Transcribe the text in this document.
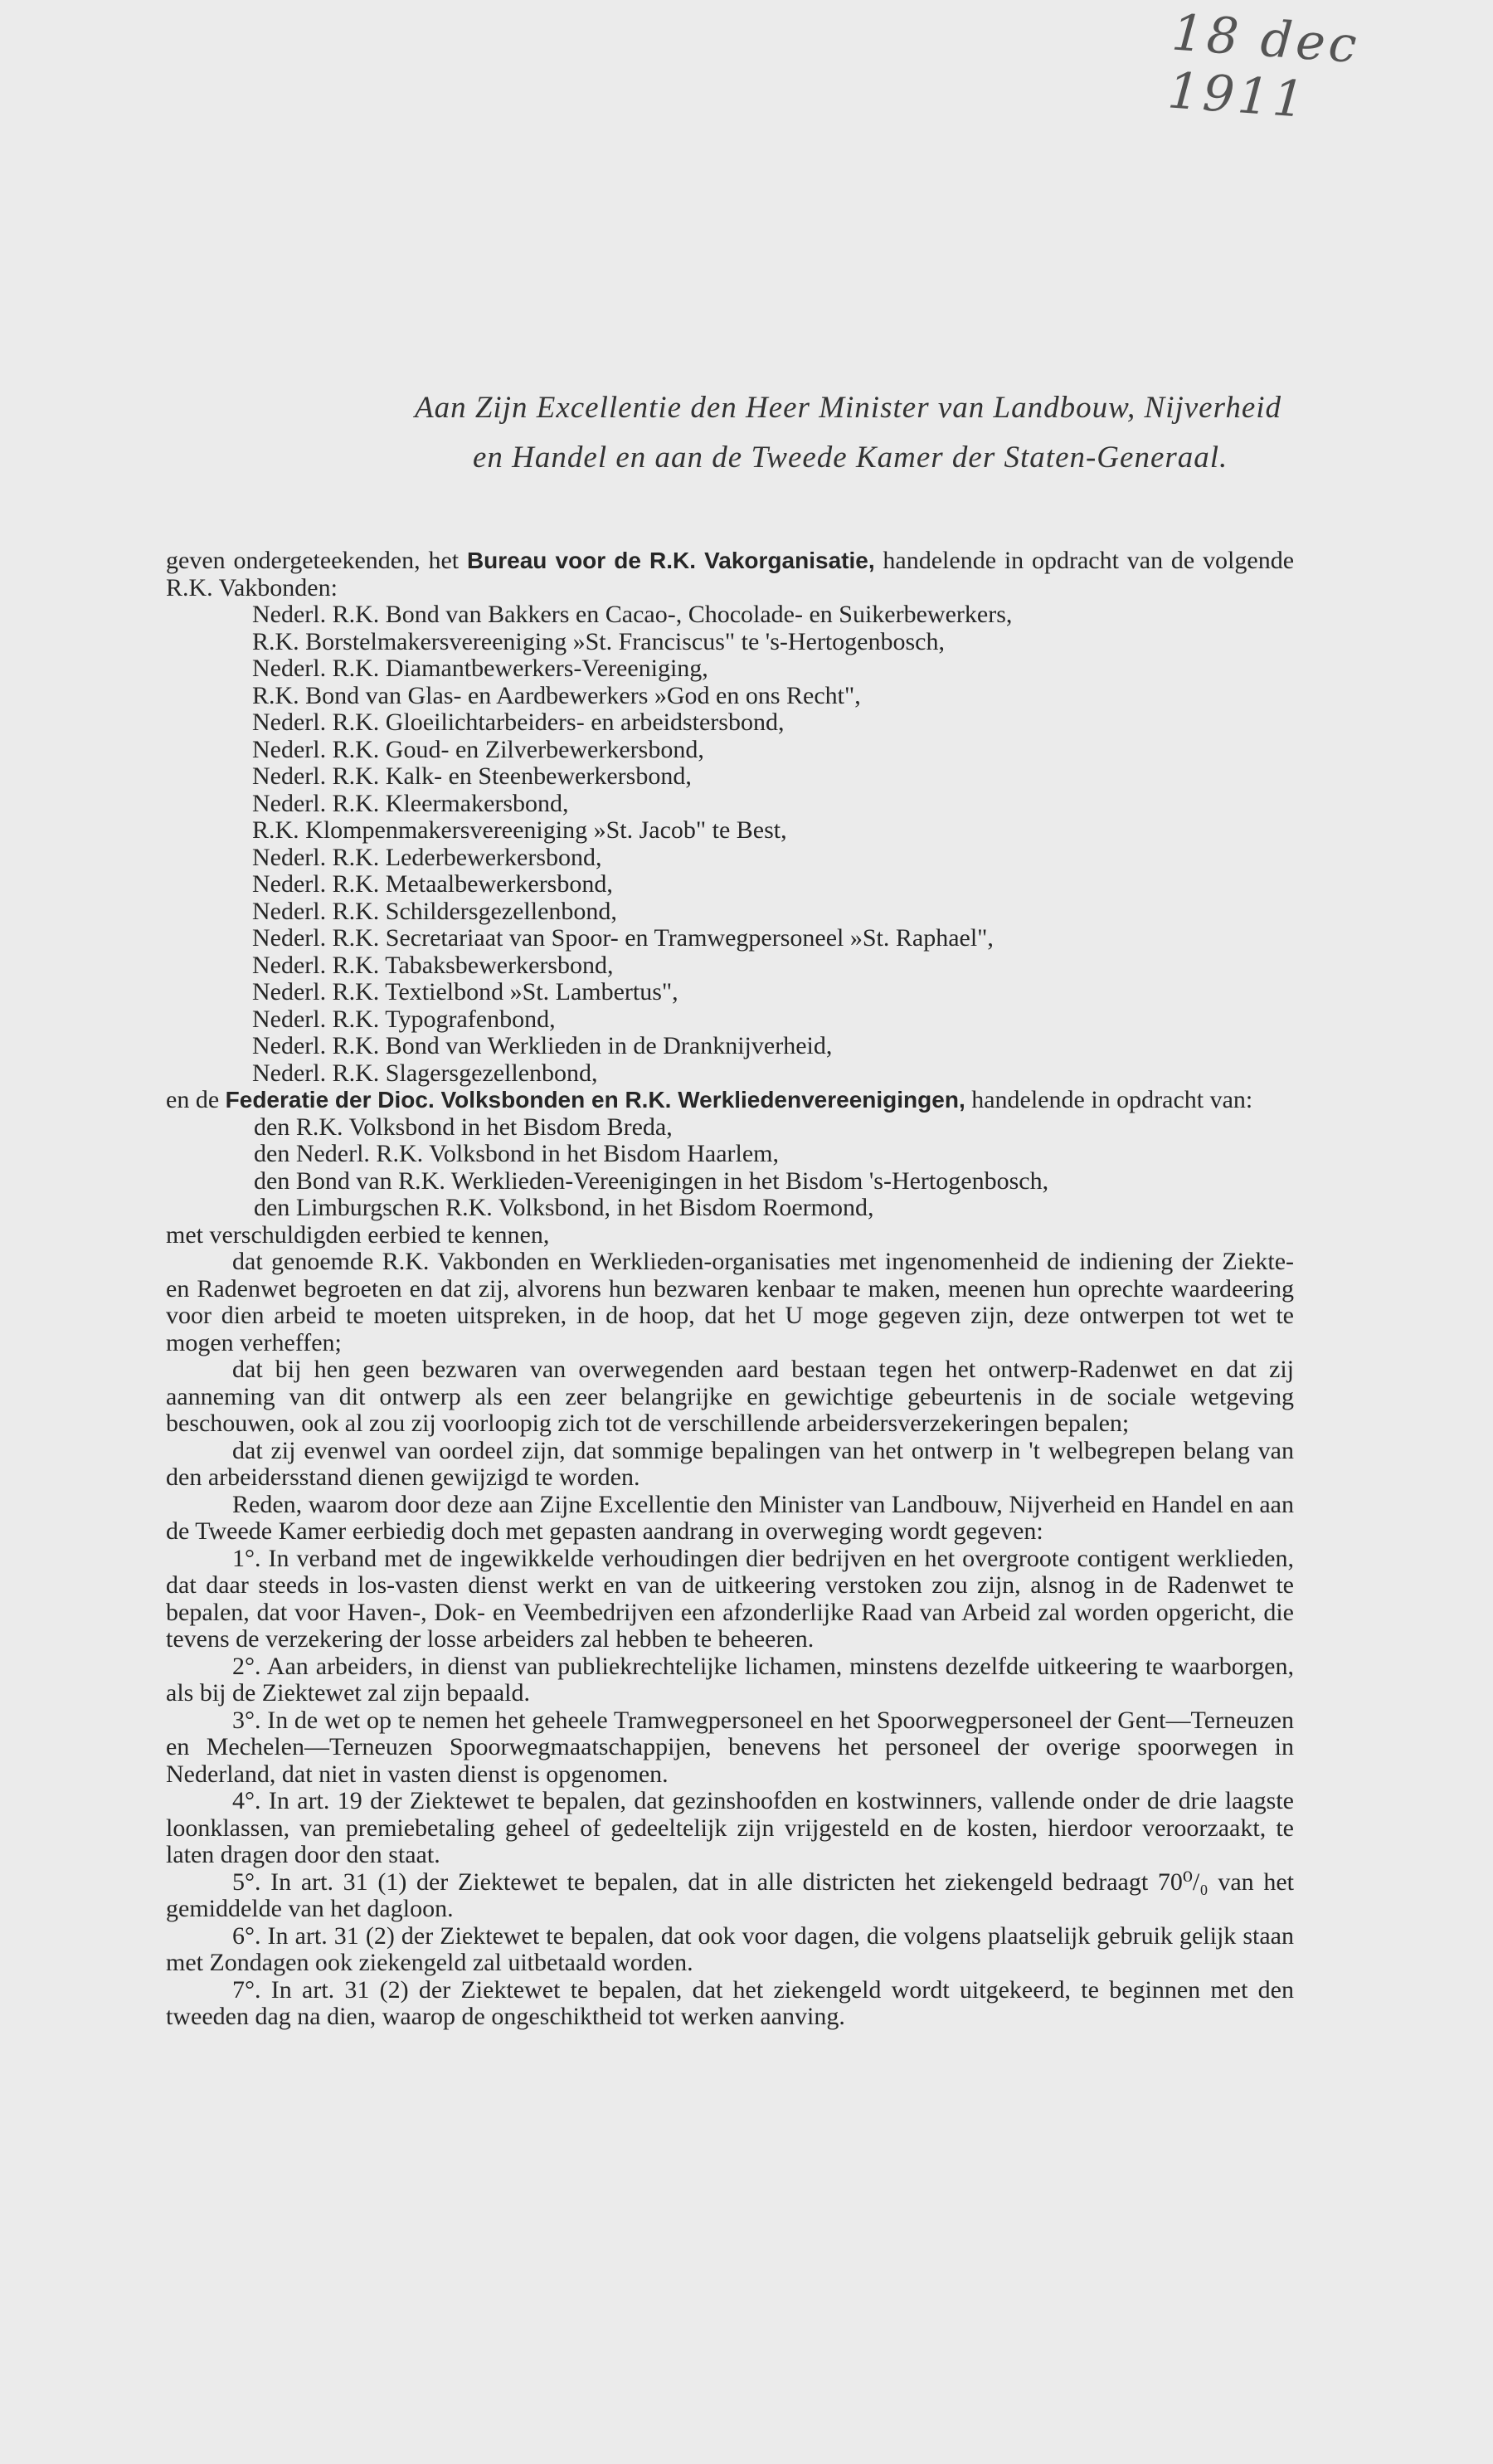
18 dec 1911
Aan Zijn Excellentie den Heer Minister van Landbouw, Nijverheid
en Handel en aan de Tweede Kamer der Staten-Generaal.

geven ondergeteekenden, het Bureau voor de R.K. Vakorganisatie, handelende in opdracht van de volgende R.K. Vakbonden:

Nederl. R.K. Bond van Bakkers en Cacao-, Chocolade- en Suikerbewerkers,
R.K. Borstelmakersvereeniging »St. Franciscus" te 's-Hertogenbosch,
Nederl. R.K. Diamantbewerkers-Vereeniging,
R.K. Bond van Glas- en Aardbewerkers »God en ons Recht",
Nederl. R.K. Gloeilichtarbeiders- en arbeidstersbond,
Nederl. R.K. Goud- en Zilverbewerkersbond,
Nederl. R.K. Kalk- en Steenbewerkersbond,
Nederl. R.K. Kleermakersbond,
R.K. Klompenmakersvereeniging »St. Jacob" te Best,
Nederl. R.K. Lederbewerkersbond,
Nederl. R.K. Metaalbewerkersbond,
Nederl. R.K. Schildersgezellenbond,
Nederl. R.K. Secretariaat van Spoor- en Tramwegpersoneel »St. Raphael",
Nederl. R.K. Tabaksbewerkersbond,
Nederl. R.K. Textielbond »St. Lambertus",
Nederl. R.K. Typografenbond,
Nederl. R.K. Bond van Werklieden in de Dranknijverheid,
Nederl. R.K. Slagersgezellenbond,

en de Federatie der Dioc. Volksbonden en R.K. Werkliedenvereenigingen, handelende in opdracht van:

den R.K. Volksbond in het Bisdom Breda,
den Nederl. R.K. Volksbond in het Bisdom Haarlem,
den Bond van R.K. Werklieden-Vereenigingen in het Bisdom 's-Hertogenbosch,
den Limburgschen R.K. Volksbond, in het Bisdom Roermond,

met verschuldigden eerbied te kennen,

dat genoemde R.K. Vakbonden en Werklieden-organisaties met ingenomenheid de indiening der Ziekte- en Radenwet begroeten en dat zij, alvorens hun bezwaren kenbaar te maken, meenen hun oprechte waardeering voor dien arbeid te moeten uitspreken, in de hoop, dat het U moge gegeven zijn, deze ontwerpen tot wet te mogen verheffen;

dat bij hen geen bezwaren van overwegenden aard bestaan tegen het ontwerp-Radenwet en dat zij aanneming van dit ontwerp als een zeer belangrijke en gewichtige gebeurtenis in de sociale wetgeving beschouwen, ook al zou zij voorloopig zich tot de verschillende arbeidersverzekeringen bepalen;

dat zij evenwel van oordeel zijn, dat sommige bepalingen van het ontwerp in 't welbegrepen belang van den arbeidersstand dienen gewijzigd te worden.

Reden, waarom door deze aan Zijne Excellentie den Minister van Landbouw, Nijverheid en Handel en aan de Tweede Kamer eerbiedig doch met gepasten aandrang in overweging wordt gegeven:

1°. In verband met de ingewikkelde verhoudingen dier bedrijven en het overgroote contigent werklieden, dat daar steeds in los-vasten dienst werkt en van de uitkeering verstoken zou zijn, alsnog in de Radenwet te bepalen, dat voor Haven-, Dok- en Veembedrijven een afzonderlijke Raad van Arbeid zal worden opgericht, die tevens de verzekering der losse arbeiders zal hebben te beheeren.

2°. Aan arbeiders, in dienst van publiekrechtelijke lichamen, minstens dezelfde uitkeering te waarborgen, als bij de Ziektewet zal zijn bepaald.

3°. In de wet op te nemen het geheele Tramwegpersoneel en het Spoorwegpersoneel der Gent—Terneuzen en Mechelen—Terneuzen Spoorwegmaatschappijen, benevens het personeel der overige spoorwegen in Nederland, dat niet in vasten dienst is opgenomen.

4°. In art. 19 der Ziektewet te bepalen, dat gezinshoofden en kostwinners, vallende onder de drie laagste loonklassen, van premiebetaling geheel of gedeeltelijk zijn vrijgesteld en de kosten, hierdoor veroorzaakt, te laten dragen door den staat.

5°. In art. 31 (1) der Ziektewet te bepalen, dat in alle districten het ziekengeld bedraagt 70⁰/₀ van het gemiddelde van het dagloon.

6°. In art. 31 (2) der Ziektewet te bepalen, dat ook voor dagen, die volgens plaatselijk gebruik gelijk staan met Zondagen ook ziekengeld zal uitbetaald worden.

7°. In art. 31 (2) der Ziektewet te bepalen, dat het ziekengeld wordt uitgekeerd, te beginnen met den tweeden dag na dien, waarop de ongeschiktheid tot werken aanving.
